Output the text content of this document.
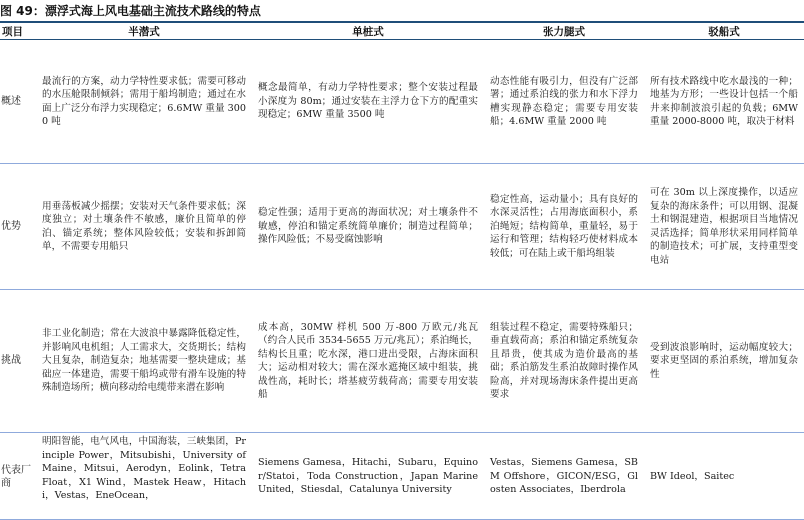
图 49：漂浮式海上风电基础主流技术路线的特点
项目	半潜式	单桩式	张力腿式	驳船式
概述	最流行的方案，动力学特性要求低；需要可移动的水压舱限制倾斜；需用于船坞制造；通过在水面上广泛分布浮力实现稳定；6.6MW 重量 3000 吨	概念最简单，有动力学特性要求；整个安装过程最小深度为 80m；通过安装在主浮力仓下方的配重实现稳定；6MW 重量 3500 吨	动态性能有吸引力，但没有广泛部署；通过系泊线的张力和水下浮力槽实现静态稳定；需要专用安装船；4.6MW 重量 2000 吨	所有技术路线中吃水最浅的一种；地基为方形；一些设计包括一个船井来抑制波浪引起的负载；6MW 重量 2000-8000 吨，取决于材料
优势	用垂荡板减少摇摆；安装对天气条件要求低；深度独立；对土壤条件不敏感，廉价且简单的停泊、锚定系统；整体风险较低；安装和拆卸简单，不需要专用船只	稳定性强；适用于更高的海面状况；对土壤条件不敏感，停泊和锚定系统简单廉价；制造过程简单；操作风险低；不易受腐蚀影响	稳定性高，运动量小；具有良好的水深灵活性；占用海底面积小，系泊绳短；结构简单，重量轻，易于运行和管理；结构轻巧使材料成本较低；可在陆上或干船坞组装	可在 30m 以上深度操作，以适应复杂的海床条件；可以用钢、混凝土和钢混建造，根据项目当地情况灵活选择；简单形状采用同样简单的制造技术；可扩展，支持重型变电站
挑战	非工业化制造；常在大波浪中暴露降低稳定性，并影响风电机组；人工需求大，交货期长；结构大且复杂，制造复杂；地基需要一整块建成；基础应一体建造，需要干船坞或带有滑车设施的特殊制造场所；横向移动给电缆带来潜在影响	成本高，30MW 样机 500 万-800 万欧元/兆瓦（约合人民币 3534-5655 万元/兆瓦）；系泊绳长，结构长且重；吃水深，港口进出受限，占海床面积大；运动相对较大；需在深水遮掩区域中组装，挑战性高，耗时长；塔基疲劳载荷高；需要专用安装船	组装过程不稳定，需要特殊船只；垂直载荷高；系泊和锚定系统复杂且昂贵，使其成为造价最高的基础；系泊筋发生系泊故障时操作风险高，并对现场海床条件提出更高要求	受到波浪影响时，运动幅度较大；要求更坚固的系泊系统，增加复杂性
代表厂商	明阳智能，电气风电，中国海装，三峡集团，Principle Power，Mitsubishi，University of Maine，Mitsui，Aerodyn，Eolink，Tetra Float，X1 Wind，Mastek Heaw，Hitachi，Vestas，EneOcean，	Siemens Gamesa，Hitachi，Subaru，Equinor/Statoi，Toda Construction，Japan Marine United，Stiesdal，Catalunya University	Vestas，Siemens Gamesa，SBM Offshore，GICON/ESG，Glosten Associates，Iberdrola	BW Ideol，Saitec
